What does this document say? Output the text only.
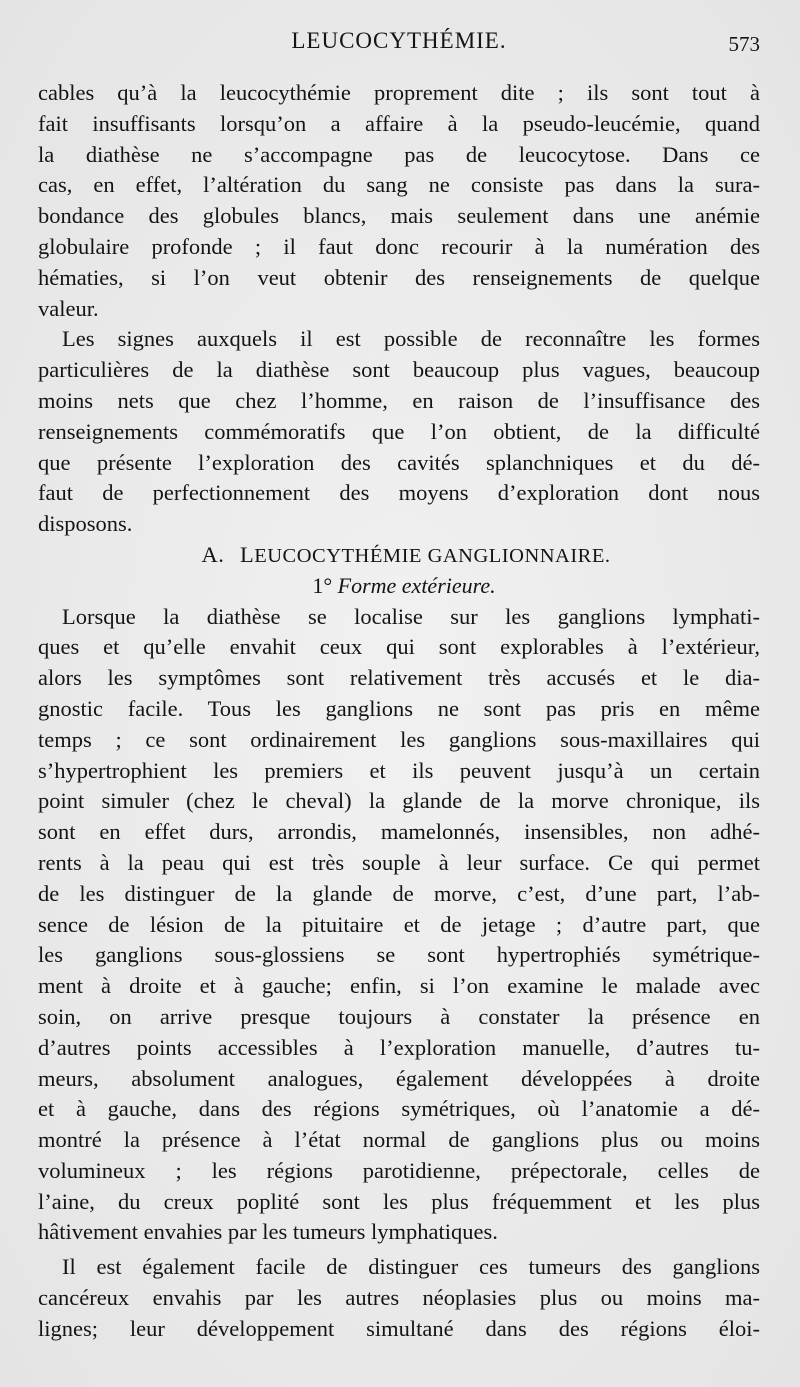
LEUCOCYTHÉMIE.	573
cables qu’à la leucocythémie proprement dite ; ils sont tout à
fait insuffisants lorsqu’on a affaire à la pseudo-leucémie, quand
la diathèse ne s’accompagne pas de leucocytose. Dans ce
cas, en effet, l’altération du sang ne consiste pas dans la sura-
bondance des globules blancs, mais seulement dans une anémie
globulaire profonde ; il faut donc recourir à la numération des
hématies, si l’on veut obtenir des renseignements de quelque
valeur.
Les signes auxquels il est possible de reconnaître les formes
particulières de la diathèse sont beaucoup plus vagues, beaucoup
moins nets que chez l’homme, en raison de l’insuffisance des
renseignements commémoratifs que l’on obtient, de la difficulté
que présente l’exploration des cavités splanchniques et du dé-
faut de perfectionnement des moyens d’exploration dont nous
disposons.
A. LEUCOCYTHÉMIE GANGLIONNAIRE.
1° Forme extérieure.
Lorsque la diathèse se localise sur les ganglions lymphati-
ques et qu’elle envahit ceux qui sont explorables à l’extérieur,
alors les symptômes sont relativement très accusés et le dia-
gnostic facile. Tous les ganglions ne sont pas pris en même
temps ; ce sont ordinairement les ganglions sous-maxillaires qui
s’hypertrophient les premiers et ils peuvent jusqu’à un certain
point simuler (chez le cheval) la glande de la morve chronique, ils
sont en effet durs, arrondis, mamelonnés, insensibles, non adhé-
rents à la peau qui est très souple à leur surface. Ce qui permet
de les distinguer de la glande de morve, c’est, d’une part, l’ab-
sence de lésion de la pituitaire et de jetage ; d’autre part, que
les ganglions sous-glossiens se sont hypertrophiés symétrique-
ment à droite et à gauche; enfin, si l’on examine le malade avec
soin, on arrive presque toujours à constater la présence en
d’autres points accessibles à l’exploration manuelle, d’autres tu-
meurs, absolument analogues, également développées à droite
et à gauche, dans des régions symétriques, où l’anatomie a dé-
montré la présence à l’état normal de ganglions plus ou moins
volumineux ; les régions parotidienne, prépectorale, celles de
l’aine, du creux poplité sont les plus fréquemment et les plus
hâtivement envahies par les tumeurs lymphatiques.
Il est également facile de distinguer ces tumeurs des ganglions
cancéreux envahis par les autres néoplasies plus ou moins ma-
lignes; leur développement simultané dans des régions éloi-
